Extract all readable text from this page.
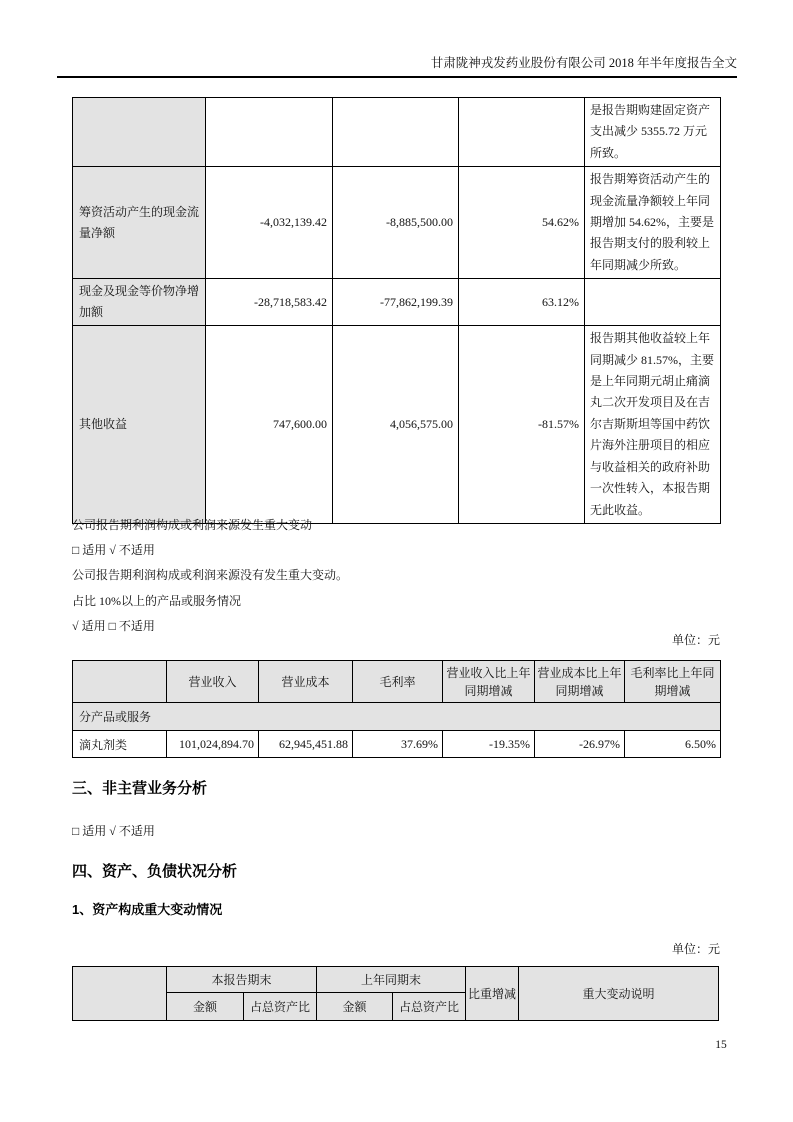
甘肃陇神戎发药业股份有限公司 2018 年半年度报告全文
				是报告期购建固定资产支出减少 5355.72 万元所致。
筹资活动产生的现金流量净额	-4,032,139.42	-8,885,500.00	54.62%	报告期筹资活动产生的现金流量净额较上年同期增加 54.62%，主要是报告期支付的股利较上年同期减少所致。
现金及现金等价物净增加额	-28,718,583.42	-77,862,199.39	63.12%	
其他收益	747,600.00	4,056,575.00	-81.57%	报告期其他收益较上年同期减少 81.57%，主要是上年同期元胡止痛滴丸二次开发项目及在吉尔吉斯斯坦等国中药饮片海外注册项目的相应与收益相关的政府补助一次性转入，本报告期无此收益。
公司报告期利润构成或利润来源发生重大变动
□ 适用 √ 不适用
公司报告期利润构成或利润来源没有发生重大变动。
占比 10%以上的产品或服务情况
√ 适用 □ 不适用
单位：元
	营业收入	营业成本	毛利率	营业收入比上年同期增减	营业成本比上年同期增减	毛利率比上年同期增减
分产品或服务						
滴丸剂类	101,024,894.70	62,945,451.88	37.69%	-19.35%	-26.97%	6.50%
三、非主营业务分析
□ 适用 √ 不适用
四、资产、负债状况分析
1、资产构成重大变动情况
单位：元
	本报告期末		上年同期末		比重增减	重大变动说明
	金额	占总资产比	金额	占总资产比		
15
